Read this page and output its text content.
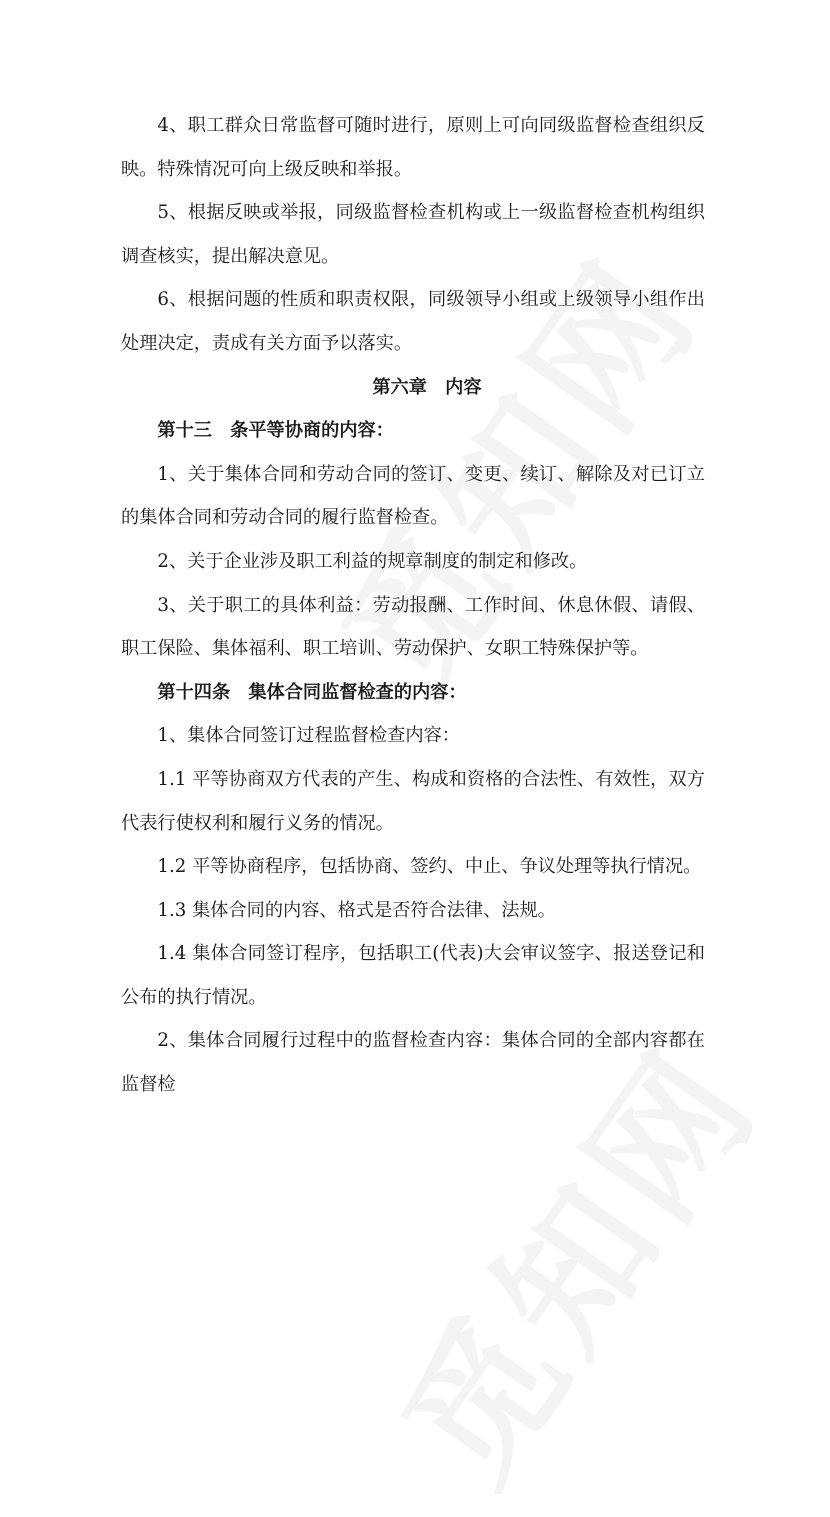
4、职工群众日常监督可随时进行，原则上可向同级监督检查组织反映。特殊情况可向上级反映和举报。

5、根据反映或举报，同级监督检查机构或上一级监督检查机构组织调查核实，提出解决意见。

6、根据问题的性质和职责权限，同级领导小组或上级领导小组作出处理决定，责成有关方面予以落实。

第六章　内容

第十三　条平等协商的内容：

1、关于集体合同和劳动合同的签订、变更、续订、解除及对已订立的集体合同和劳动合同的履行监督检查。

2、关于企业涉及职工利益的规章制度的制定和修改。

3、关于职工的具体利益：劳动报酬、工作时间、休息休假、请假、职工保险、集体福利、职工培训、劳动保护、女职工特殊保护等。

第十四条　集体合同监督检查的内容：

1、集体合同签订过程监督检查内容：

1.1 平等协商双方代表的产生、构成和资格的合法性、有效性，双方代表行使权利和履行义务的情况。

1.2 平等协商程序，包括协商、签约、中止、争议处理等执行情况。

1.3 集体合同的内容、格式是否符合法律、法规。

1.4 集体合同签订程序，包括职工(代表)大会审议签字、报送登记和公布的执行情况。

2、集体合同履行过程中的监督检查内容：集体合同的全部内容都在监督检
